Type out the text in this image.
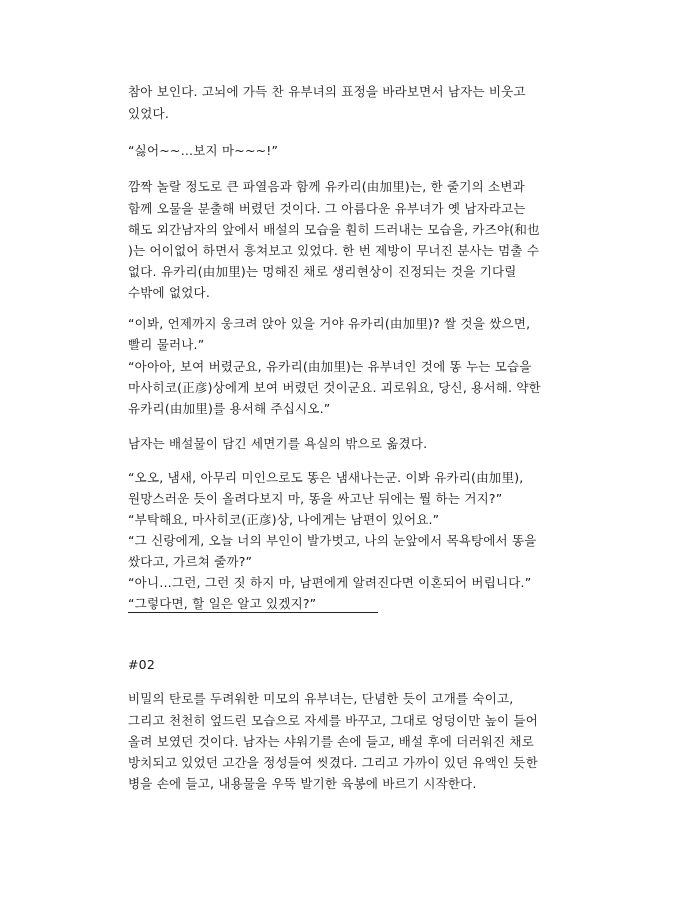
참아 보인다. 고뇌에 가득 찬 유부녀의 표정을 바라보면서 남자는 비웃고
있었다.
“싫어~~…보지 마~~~!”
깜짝 놀랄 정도로 큰 파열음과 함께 유카리(由加里)는, 한 줄기의 소변과
함께 오물을 분출해 버렸던 것이다. 그 아름다운 유부녀가 옛 남자라고는
해도 외간남자의 앞에서 배설의 모습을 훤히 드러내는 모습을, 카즈야(和也
)는 어이없어 하면서 흥쳐보고 있었다. 한 번 제방이 무너진 분사는 멈출 수
없다. 유카리(由加里)는 멍해진 채로 생리현상이 진정되는 것을 기다릴
수밖에 없었다.
“이봐, 언제까지 웅크려 앉아 있을 거야 유카리(由加里)? 쌀 것을 쌌으면,
빨리 물러나.”
“아아아, 보여 버렸군요, 유카리(由加里)는 유부녀인 것에 똥 누는 모습을
마사히코(正彦)상에게 보여 버렸던 것이군요. 괴로워요, 당신, 용서해. 약한
유카리(由加里)를 용서해 주십시오.”
남자는 배설물이 담긴 세면기를 욕실의 밖으로 옮겼다.
“오오, 냄새, 아무리 미인으로도 똥은 냄새나는군. 이봐 유카리(由加里),
원망스러운 듯이 올려다보지 마, 똥을 싸고난 뒤에는 뭘 하는 거지?”
“부탁해요, 마사히코(正彦)상, 나에게는 남편이 있어요.”
“그 신랑에게, 오늘 너의 부인이 발가벗고, 나의 눈앞에서 목욕탕에서 똥을
쌌다고, 가르쳐 줄까?”
“아니…그런, 그런 짓 하지 마, 남편에게 알려진다면 이혼되어 버립니다.”
“그렇다면, 할 일은 알고 있겠지?”
#02
비밀의 탄로를 두려워한 미모의 유부녀는, 단념한 듯이 고개를 숙이고,
그리고 천천히 엎드린 모습으로 자세를 바꾸고, 그대로 엉덩이만 높이 들어
올려 보였던 것이다. 남자는 샤워기를 손에 들고, 배설 후에 더러워진 채로
방치되고 있었던 고간을 정성들여 씻겼다. 그리고 가까이 있던 유액인 듯한
병을 손에 들고, 내용물을 우뚝 발기한 육봉에 바르기 시작한다.
